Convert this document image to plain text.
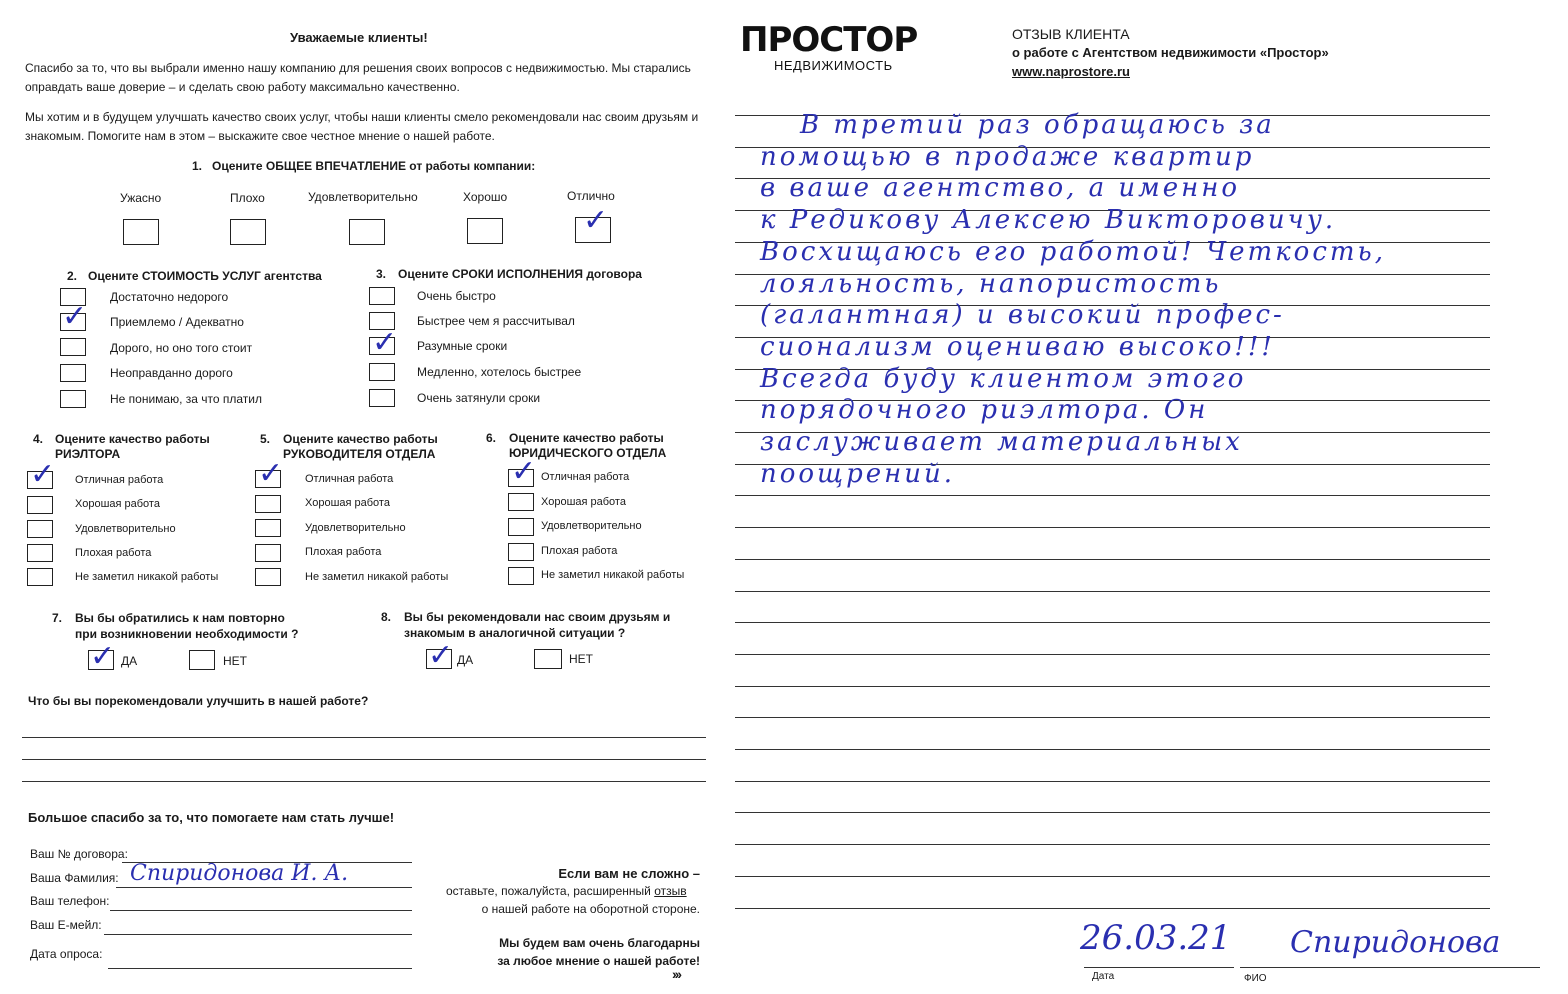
Уважаемые клиенты!
Спасибо за то, что вы выбрали именно нашу компанию для решения своих вопросов с недвижимостью. Мы старались
оправдать ваше доверие – и сделать свою работу максимально качественно.
Мы хотим и в будущем улучшать качество своих услуг, чтобы наши клиенты смело рекомендовали нас своим друзьям и
знакомым. Помогите нам в этом – выскажите свое честное мнение о нашей работе.
1. Оцените ОБЩЕЕ ВПЕЧАТЛЕНИЕ от работы компании:
Ужасно	Плохо	Удовлетворительно	Хорошо	Отлично
✓
2. Оцените СТОИМОСТЬ УСЛУГ агентства
✓
Достаточно недорого
Приемлемо / Адекватно
Дорого, но оно того стоит
Неоправданно дорого
Не понимаю, за что платил
3. Оцените СРОКИ ИСПОЛНЕНИЯ договора
✓
Очень быстро
Быстрее чем я рассчитывал
Разумные сроки
Медленно, хотелось быстрее
Очень затянули сроки
4. Оцените качество работы
РИЭЛТОРА
✓ Отличная работа
Хорошая работа
Удовлетворительно
Плохая работа
Не заметил никакой работы
5. Оцените качество работы
РУКОВОДИТЕЛЯ ОТДЕЛА
✓ Отличная работа
Хорошая работа
Удовлетворительно
Плохая работа
Не заметил никакой работы
6. Оцените качество работы
ЮРИДИЧЕСКОГО ОТДЕЛА
✓ Отличная работа
Хорошая работа
Удовлетворительно
Плохая работа
Не заметил никакой работы
7. Вы бы обратились к нам повторно
при возникновении необходимости ?
✓ ДА	НЕТ
8. Вы бы рекомендовали нас своим друзьям и
знакомым в аналогичной ситуации ?
✓ ДА	НЕТ
Что бы вы порекомендовали улучшить в нашей работе?
Большое спасибо за то, что помогаете нам стать лучше!
Ваш № договора:
Ваша Фамилия: Спиридонова И. А.
Ваш телефон:
Ваш Е-мейл:
Дата опроса:
Если вам не сложно –
оставьте, пожалуйста, расширенный отзыв
о нашей работе на оборотной стороне.
Мы будем вам очень благодарны
за любое мнение о нашей работе!
›››
ПРОСТОР
НЕДВИЖИМОСТЬ
ОТЗЫВ КЛИЕНТА
о работе с Агентством недвижимости «Простор»
www.naprostore.ru
В третий раз обращаюсь за
помощью в продаже квартир
в ваше агентство, а именно
к Редикову Алексею Викторовичу.
Восхищаюсь его работой! Четкость,
лояльность, напористость
(галантная) и высокий профес-
сионализм оцениваю высоко!!!
Всегда буду клиентом этого
порядочного риэлтора. Он
заслуживает материальных
поощрений.
26.03.21
Дата
Спиридонова
ФИО
